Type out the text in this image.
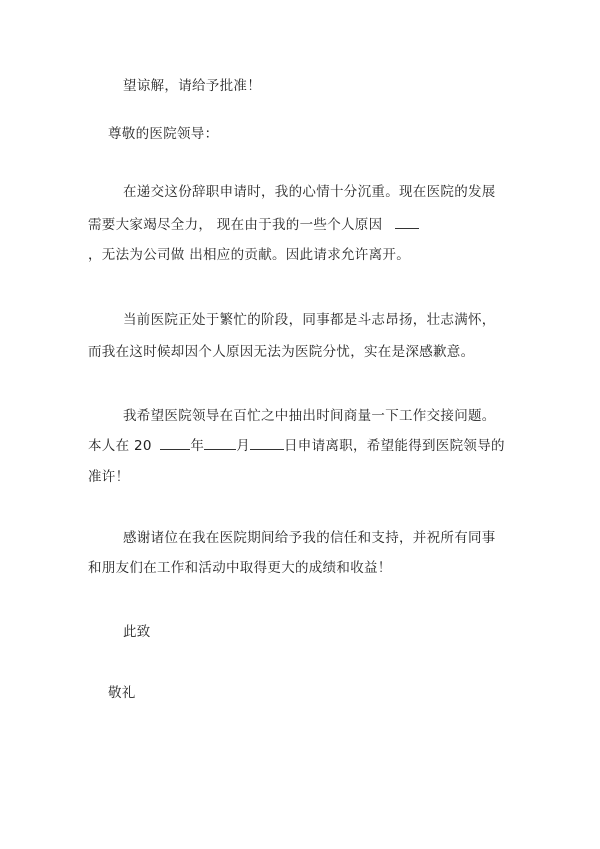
望谅解，请给予批准！
尊敬的医院领导：
在递交这份辞职申请时，我的心情十分沉重。现在医院的发展
需要大家竭尽全力， 现在由于我的一些个人原因
，无法为公司做 出相应的贡献。因此请求允许离开。
当前医院正处于繁忙的阶段，同事都是斗志昂扬，壮志满怀，
而我在这时候却因个人原因无法为医院分忧，实在是深感歉意。
我希望医院领导在百忙之中抽出时间商量一下工作交接问题。
本人在 20	年 月	日申请离职，希望能得到医院领导的
准许！
感谢诸位在我在医院期间给予我的信任和支持，并祝所有同事
和朋友们在工作和活动中取得更大的成绩和收益！
此致
敬礼
